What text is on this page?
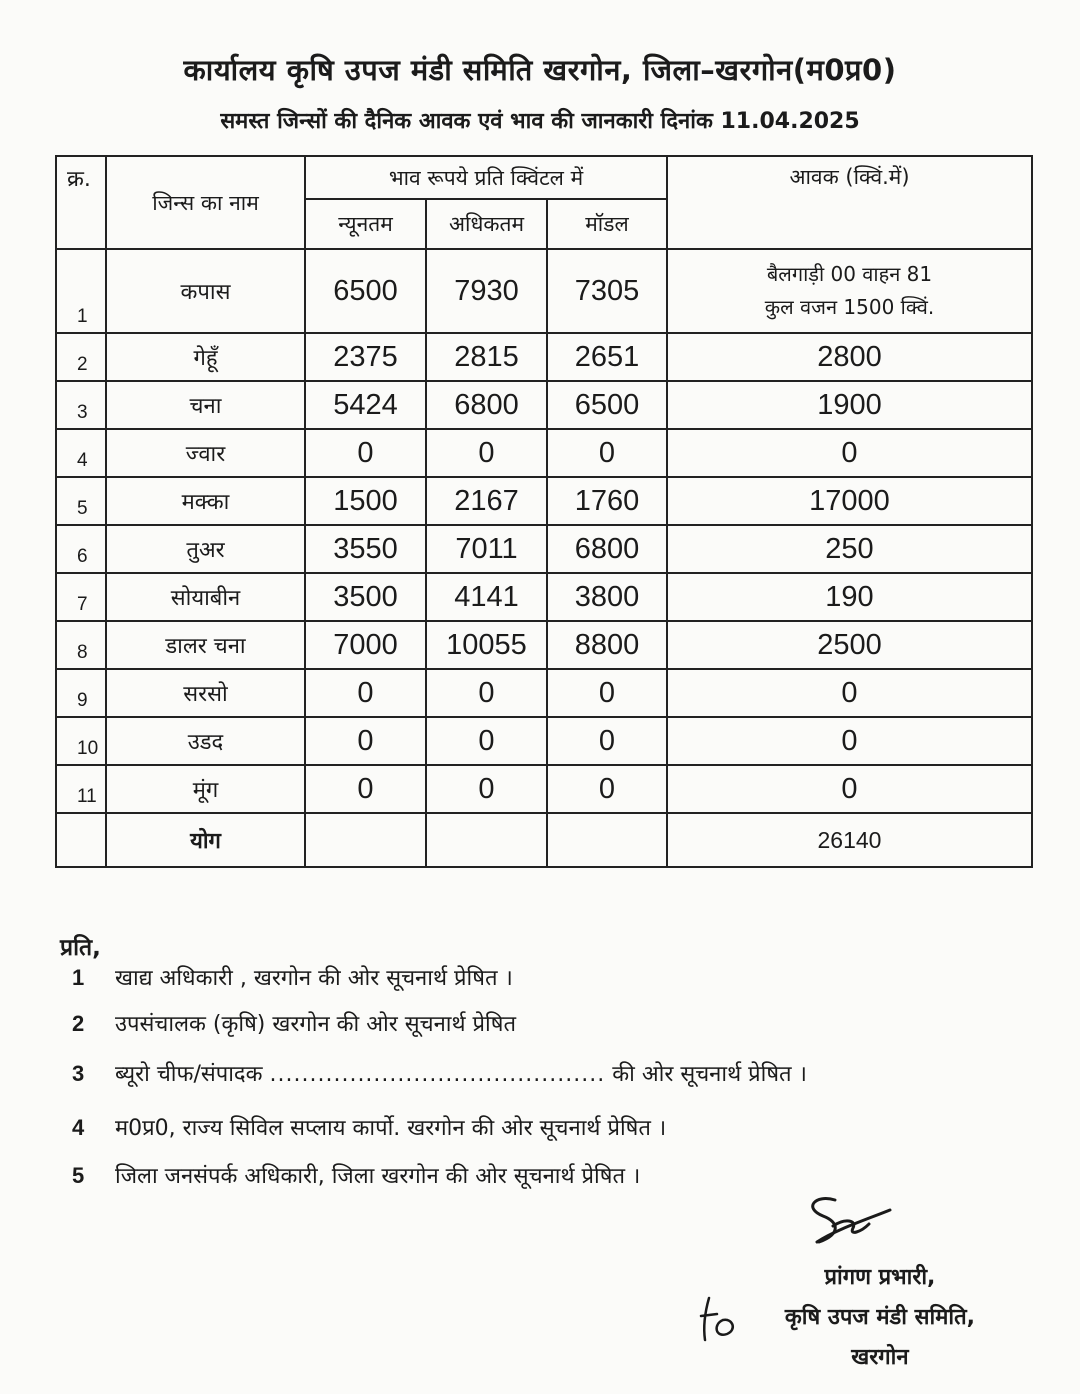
कार्यालय कृषि उपज मंडी समिति खरगोन, जिला–खरगोन(म0प्र0)
समस्त जिन्सों की दैनिक आवक एवं भाव की जानकारी दिनांक 11.04.2025
क्र.	जिन्स का नाम	भाव रूपये प्रति क्विंटल में			आवक (क्विं.में)
		न्यूनतम	अधिकतम	मॉडल	
1	कपास	6500	7930	7305	बैलगाड़ी 00 वाहन 81
कुल वजन 1500 क्विं.

2	गेहूँ	2375	2815	2651	2800
3	चना	5424	6800	6500	1900
4	ज्वार	0	0	0	0
5	मक्का	1500	2167	1760	17000
6	तुअर	3550	7011	6800	250
7	सोयाबीन	3500	4141	3800	190
8	डालर चना	7000	10055	8800	2500
9	सरसो	0	0	0	0
10	उडद	0	0	0	0
11	मूंग	0	0	0	0
	योग				26140
प्रति,
1 खाद्य अधिकारी , खरगोन की ओर सूचनार्थ प्रेषित ।
2 उपसंचालक (कृषि) खरगोन की ओर सूचनार्थ प्रेषित
3 ब्यूरो चीफ/संपादक .......................................... की ओर सूचनार्थ प्रेषित ।
4 म0प्र0, राज्य सिविल सप्लाय कार्पो. खरगोन की ओर सूचनार्थ प्रेषित ।
5 जिला जनसंपर्क अधिकारी, जिला खरगोन की ओर सूचनार्थ प्रेषित ।
प्रांगण प्रभारी,
कृषि उपज मंडी समिति,
खरगोन
